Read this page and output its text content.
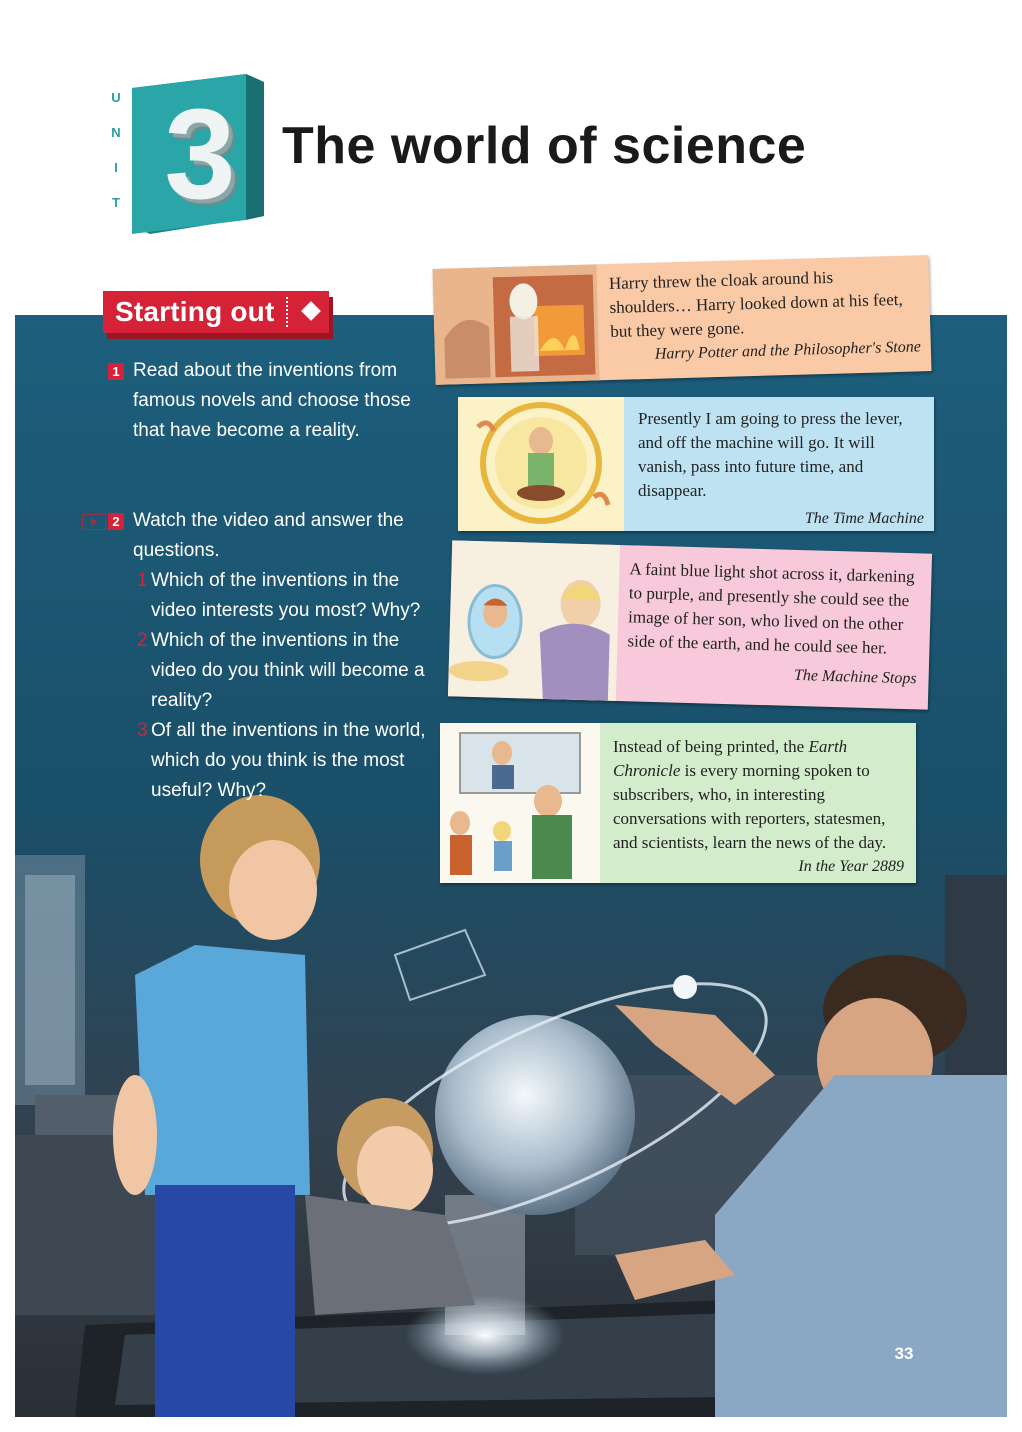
U
N
I
T 3 The world of science
33
Starting out
1 Read about the inventions from famous novels and choose those that have become a reality.
2 Watch the video and answer the questions.
1 Which of the inventions in the video interests you most? Why?
2 Which of the inventions in the video do you think will become a reality?
3 Of all the inventions in the world, which do you think is the most useful? Why?

Harry threw the cloak around his shoulders… Harry looked down at his feet, but they were gone.

Harry Potter and the Philosopher's Stone

Presently I am going to press the lever, and off the machine will go. It will vanish, pass into future time, and disappear.

The Time Machine

A faint blue light shot across it, darkening to purple, and presently she could see the image of her son, who lived on the other side of the earth, and he could see her.

The Machine Stops

Instead of being printed, the Earth Chronicle is every morning spoken to subscribers, who, in interesting conversations with reporters, statesmen, and scientists, learn the news of the day.

In the Year 2889
